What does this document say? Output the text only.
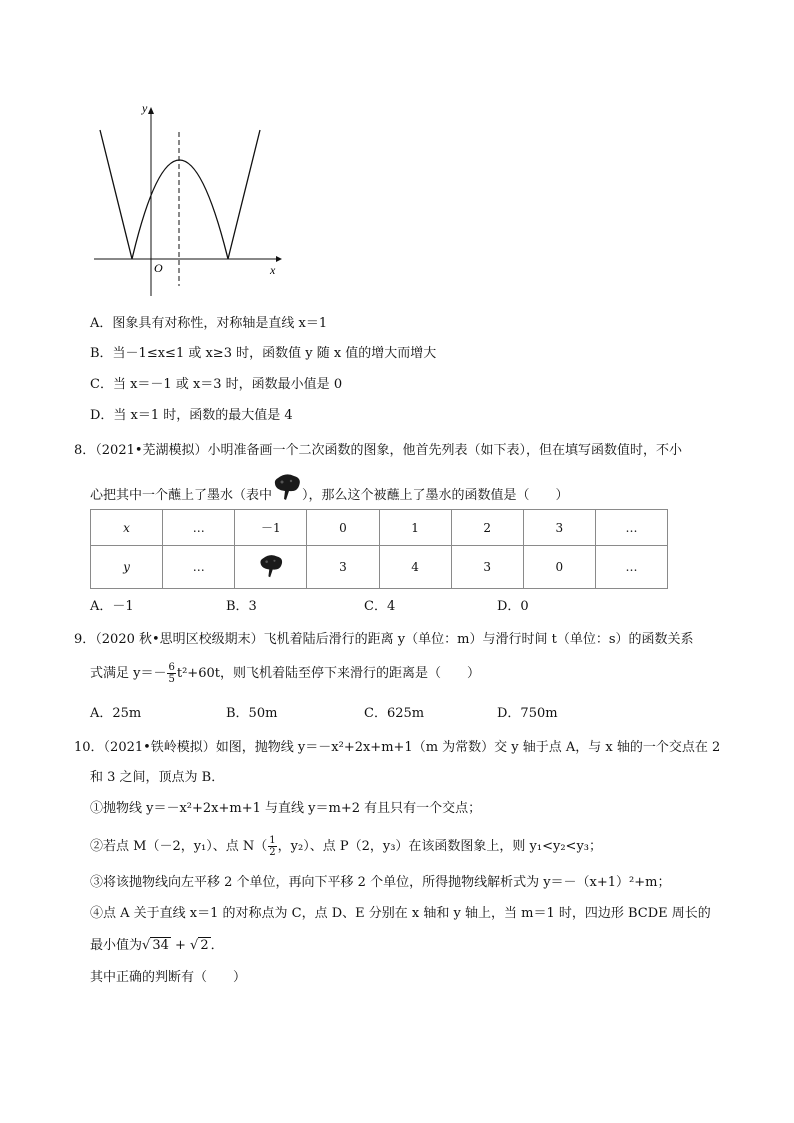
y
x
O
A．图象具有对称性，对称轴是直线 x＝1
B．当－1≤x≤1 或 x≥3 时，函数值 y 随 x 值的增大而增大
C．当 x＝－1 或 x＝3 时，函数最小值是 0
D．当 x＝1 时，函数的最大值是 4
8．（2021•芜湖模拟）小明准备画一个二次函数的图象，他首先列表（如下表），但在填写函数值时，不小
心把其中一个蘸上了墨水（表中 ），那么这个被蘸上了墨水的函数值是（　　）
x	…	－1	0	1	2	3	…
y	…		3	4	3	0	…
A．－1	B．3	C．4	D．0
9．（2020 秋•思明区校级期末）飞机着陆后滑行的距离 y（单位：m）与滑行时间 t（单位：s）的函数关系
式满足 $y=- \frac{6}{5} t^2+60t$，则飞机着陆至停下来滑行的距离是（　　）
A．25m	B．50m	C．625m	D．750m
10．（2021•铁岭模拟）如图，抛物线 y＝－x²+2x+m+1（m 为常数）交 y 轴于点 A，与 x 轴的一个交点在 2
和 3 之间，顶点为 B．
①抛物线 y＝－x²+2x+m+1 与直线 y＝m+2 有且只有一个交点；
②若点 M（－2，y₁）、点 $N( \frac{1}{2}$ ，y₂）、点 P（2，y₃）在该函数图象上，则 y₁<y₂<y₃；
③将该抛物线向左平移 2 个单位，再向下平移 2 个单位，所得抛物线解析式为 y＝－（x+1）²+m；
④点 A 关于直线 x＝1 的对称点为 C，点 D、E 分别在 x 轴和 y 轴上，当 m＝1 时，四边形 BCDE 周长的
最小值为√ 34 + √ 2 ．
其中正确的判断有（　　）
